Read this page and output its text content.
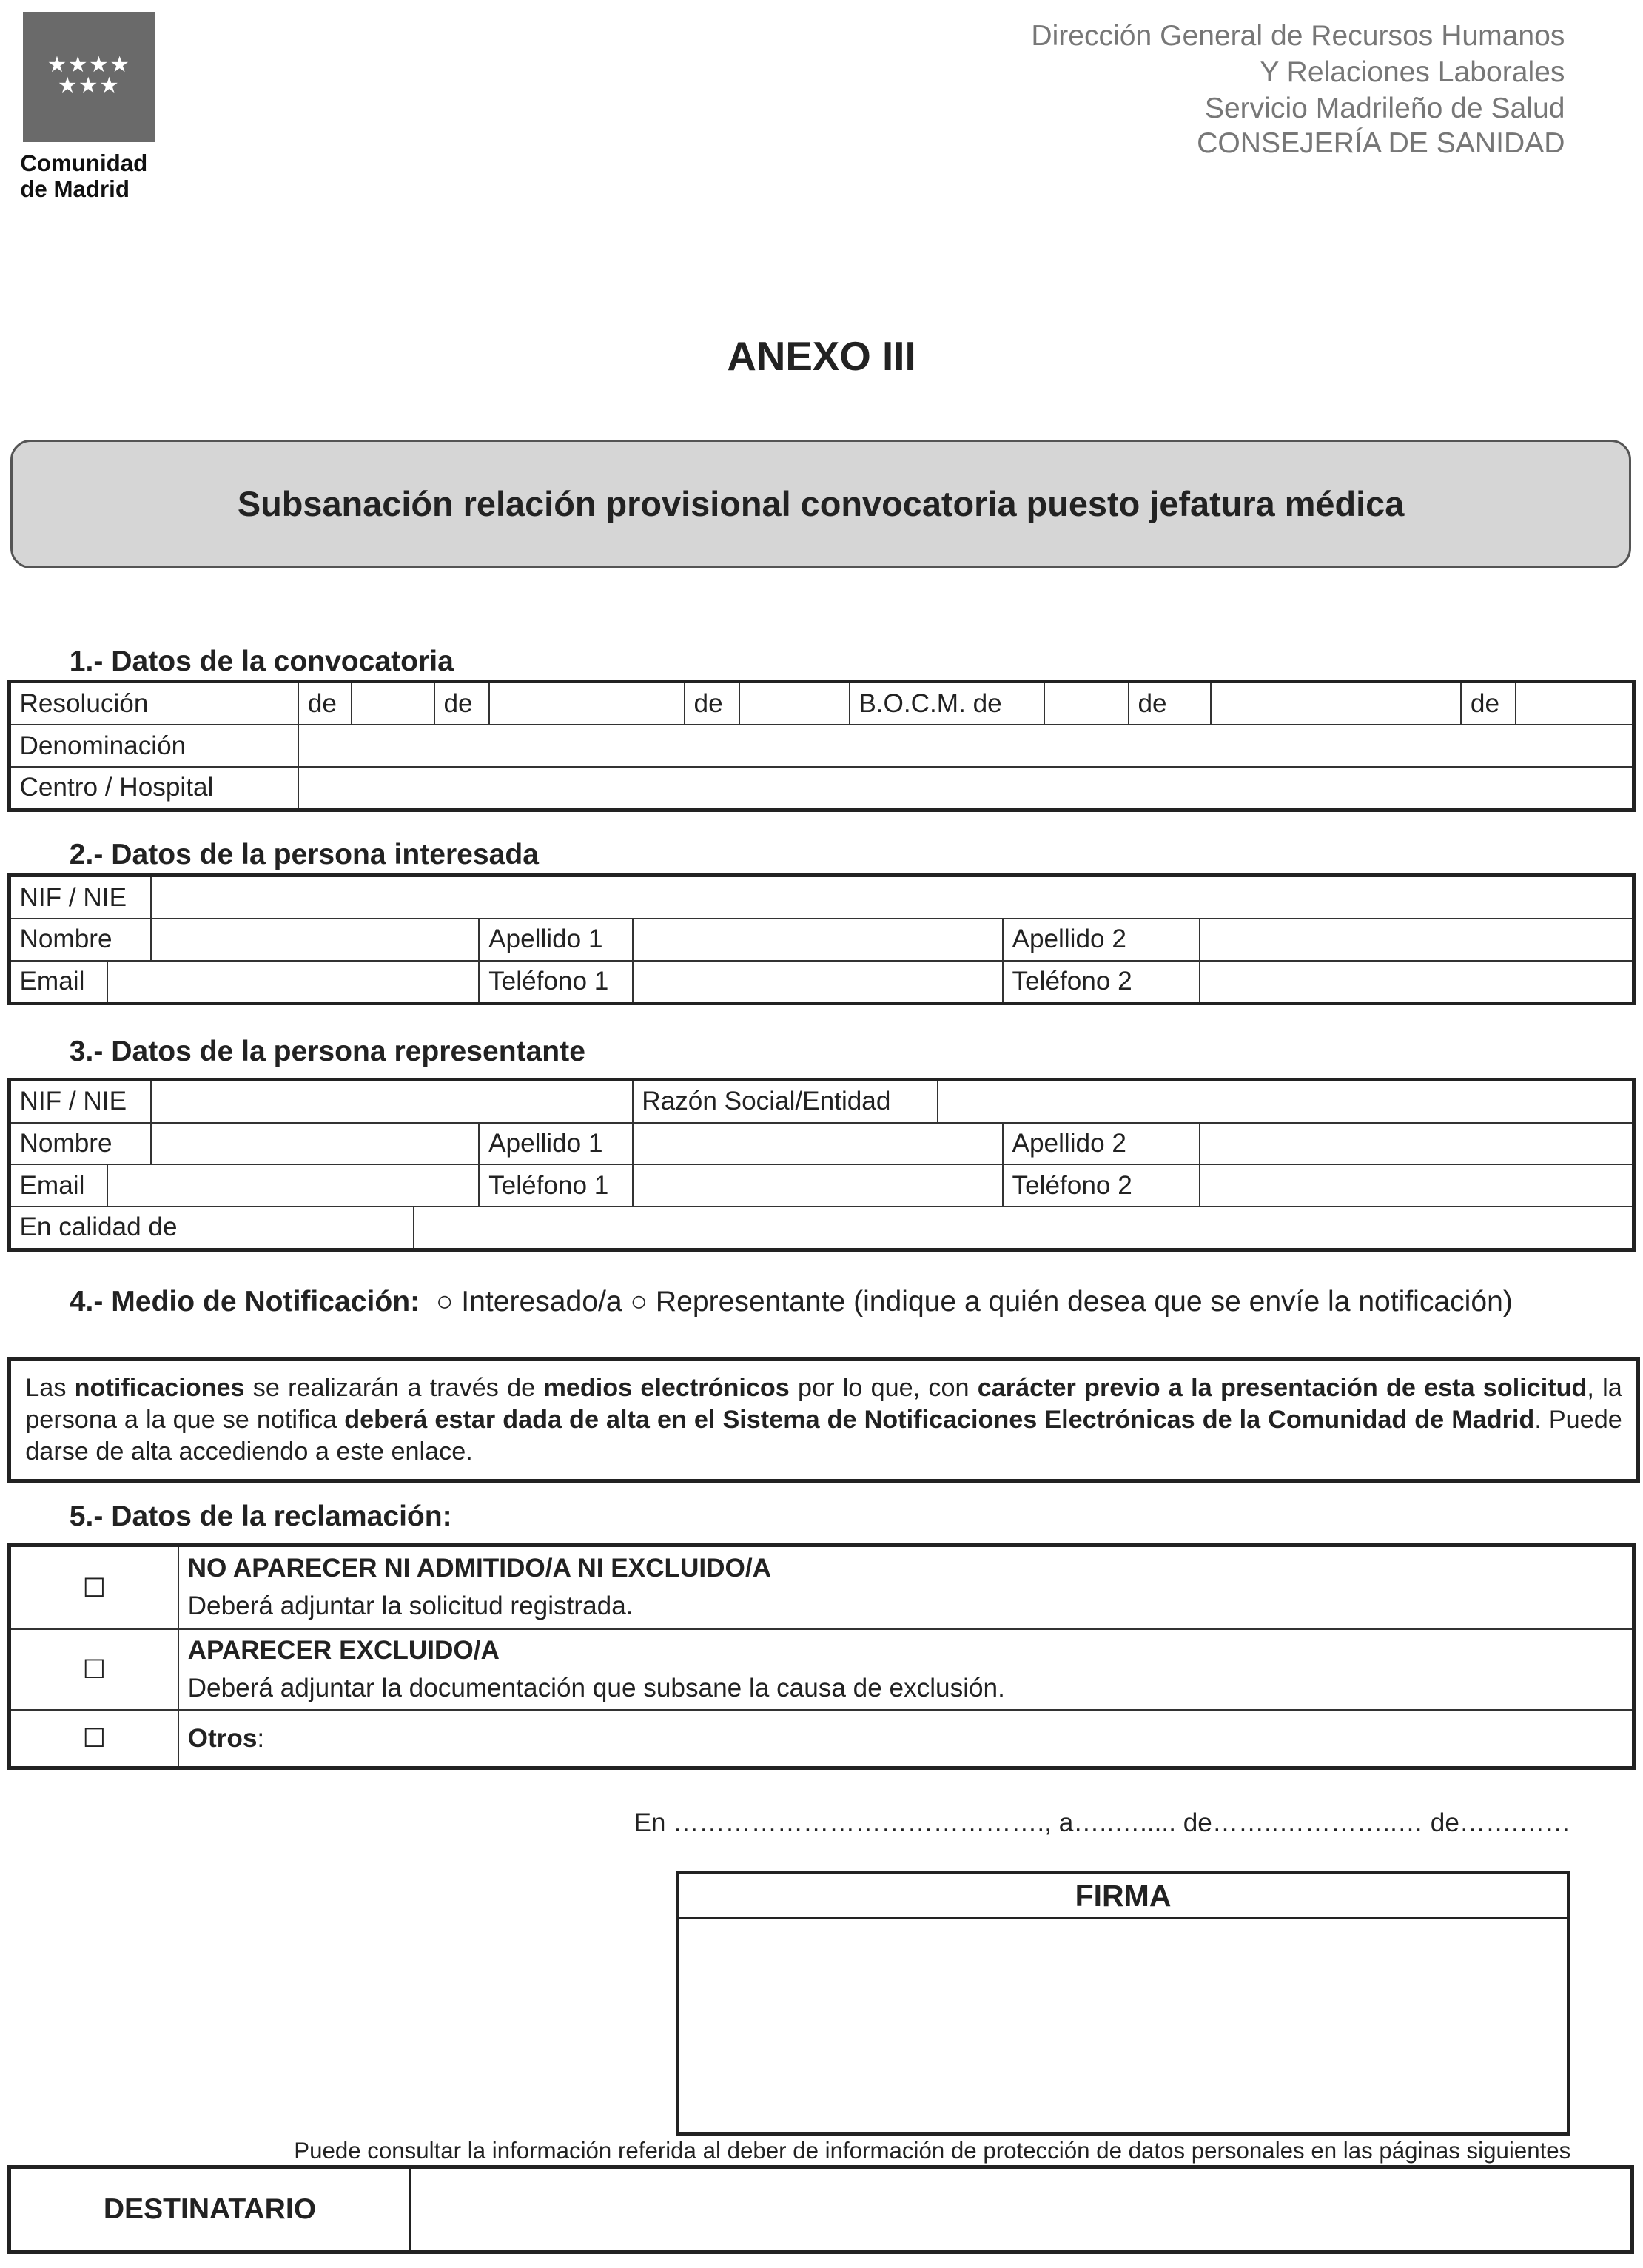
★★★★
★★★
Comunidad
de Madrid
Dirección General de Recursos Humanos
Y Relaciones Laborales
Servicio Madrileño de Salud
CONSEJERÍA DE SANIDAD
ANEXO III
Subsanación relación provisional convocatoria puesto jefatura médica
1.- Datos de la convocatoria
Resolución	de		de		de		B.O.C.M. de		de		de	
Denominación												
Centro / Hospital												
2.- Datos de la persona interesada
NIF / NIE						
Nombre			Apellido 1		Apellido 2	
Email			Teléfono 1		Teléfono 2	
3.- Datos de la persona representante
NIF / NIE					Razón Social/Entidad			
Nombre				Apellido 1			Apellido 2	
Email				Teléfono 1			Teléfono 2	
En calidad de								
4.- Medio de Notificación: ○ Interesado/a ○ Representante (indique a quién desea que se envíe la notificación)
Las notificaciones se realizarán a través de medios electrónicos por lo que, con carácter previo a la presentación de esta solicitud, la persona a la que se notifica deberá estar dada de alta en el Sistema de Notificaciones Electrónicas de la Comunidad de Madrid. Puede darse de alta accediendo a este enlace.
5.- Datos de la reclamación:
☐	NO APARECER NI ADMITIDO/A NI EXCLUIDO/A
Deberá adjuntar la solicitud registrada.
☐	APARECER EXCLUIDO/A
Deberá adjuntar la documentación que subsane la causa de exclusión.
☐	Otros:
En ……………………………………., a…..…..... de……..…………..… de…….……
FIRMA
Puede consultar la información referida al deber de información de protección de datos personales en las páginas siguientes
DESTINATARIO
